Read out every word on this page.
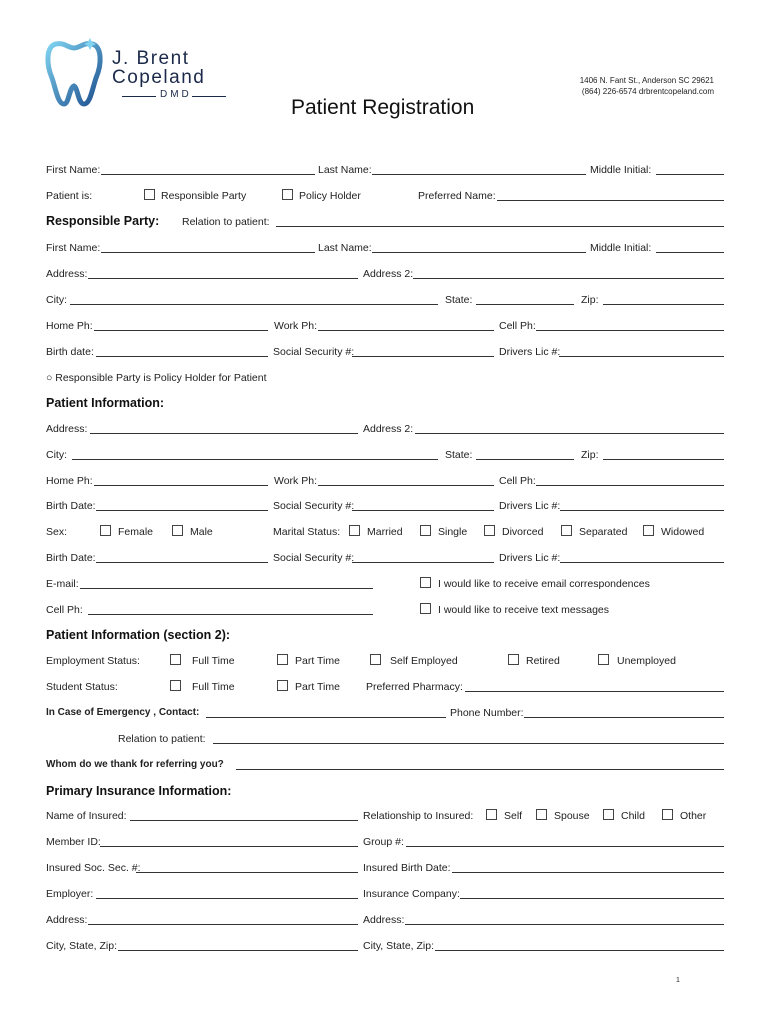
J. Brent
Copeland
DMD
1406 N. Fant St., Anderson SC 29621
(864) 226-6574 drbrentcopeland.com
Patient Registration
First Name:	Last Name:	Middle Initial:
Patient is:	Responsible Party	Policy Holder	Preferred Name:
Responsible Party: Relation to patient:
First Name:	Last Name:	Middle Initial:
Address:	Address 2:
City:	State:	Zip:
Home Ph:	Work Ph:	Cell Ph:
Birth date:	Social Security #:	Drivers Lic #:
○ Responsible Party is Policy Holder for Patient
Patient Information:
Address:	Address 2:
City:	State:	Zip:
Home Ph:	Work Ph:	Cell Ph:
Birth Date:	Social Security #:	Drivers Lic #:
Sex:	Female	Male	Marital Status:	Married	Single	Divorced	Separated	Widowed
Birth Date:	Social Security #:	Drivers Lic #:
E-mail:	I would like to receive email correspondences
Cell Ph:	I would like to receive text messages
Patient Information (section 2):
Employment Status:	Full Time	Part Time	Self Employed	Retired	Unemployed
Student Status:	Full Time	Part Time Preferred Pharmacy:
In Case of Emergency , Contact:	Phone Number:
Relation to patient:
Whom do we thank for referring you?
Primary Insurance Information:
Name of Insured:	Relationship to Insured:	Self	Spouse	Child	Other
Member ID:	Group #:
Insured Soc. Sec. #:	Insured Birth Date:
Employer:	Insurance Company:
Address:	Address:
City, State, Zip:	City, State, Zip:
1
